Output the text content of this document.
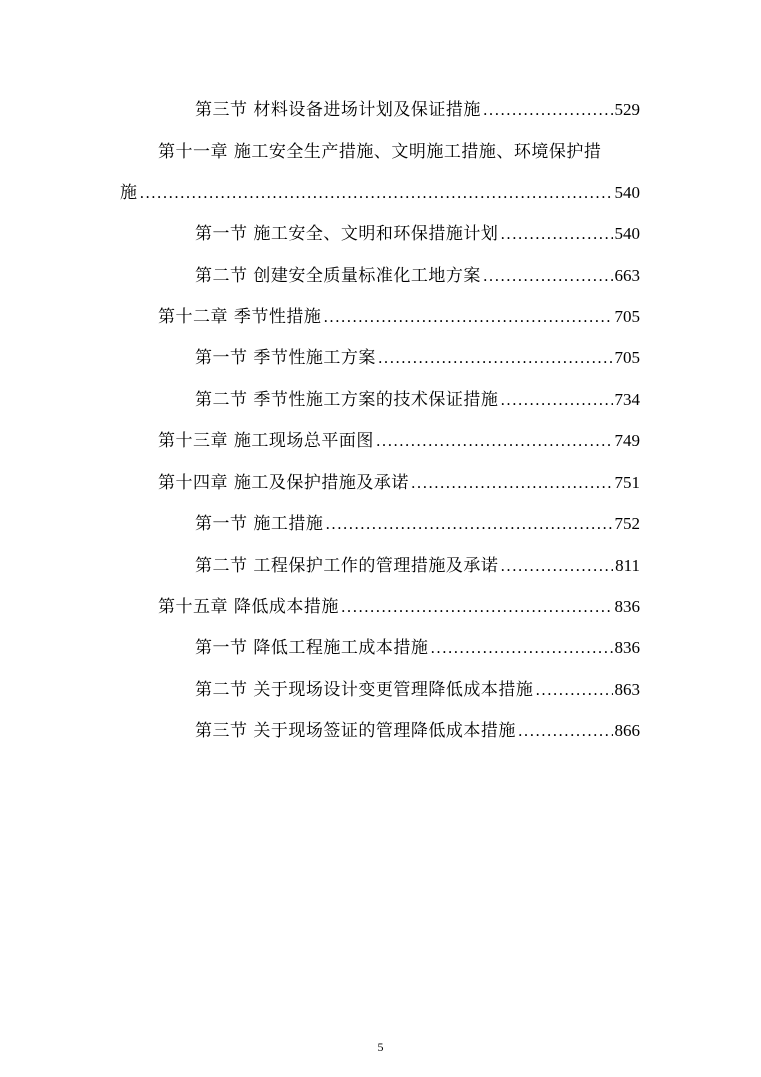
第三节 材料设备进场计划及保证措施 .....	529
第十一章 施工安全生产措施、文明施工措施、环境保护措
施 .....	540
第一节 施工安全、文明和环保措施计划 .....	540
第二节 创建安全质量标准化工地方案 .....	663
第十二章 季节性措施 .....	705
第一节 季节性施工方案 .....	705
第二节 季节性施工方案的技术保证措施 .....	734
第十三章 施工现场总平面图 .....	749
第十四章 施工及保护措施及承诺 .....	751
第一节 施工措施 .....	752
第二节 工程保护工作的管理措施及承诺 .....	811
第十五章 降低成本措施 .....	836
第一节 降低工程施工成本措施 .....	836
第二节 关于现场设计变更管理降低成本措施 .....	863
第三节 关于现场签证的管理降低成本措施 .....	866
5
